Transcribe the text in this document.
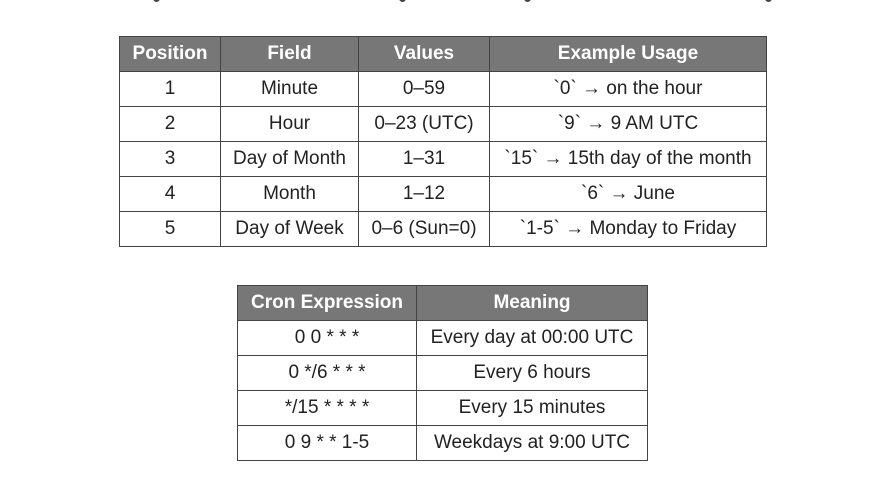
Position	Field	Values	Example Usage
1	Minute	0–59	`0` → on the hour
2	Hour	0–23 (UTC)	`9` → 9 AM UTC
3	Day of Month	1–31	`15` → 15th day of the month
4	Month	1–12	`6` → June
5	Day of Week	0–6 (Sun=0)	`1-5` → Monday to Friday
Cron Expression	Meaning
0 0 * * *	Every day at 00:00 UTC
0 */6 * * *	Every 6 hours
*/15 * * * *	Every 15 minutes
0 9 * * 1-5	Weekdays at 9:00 UTC
